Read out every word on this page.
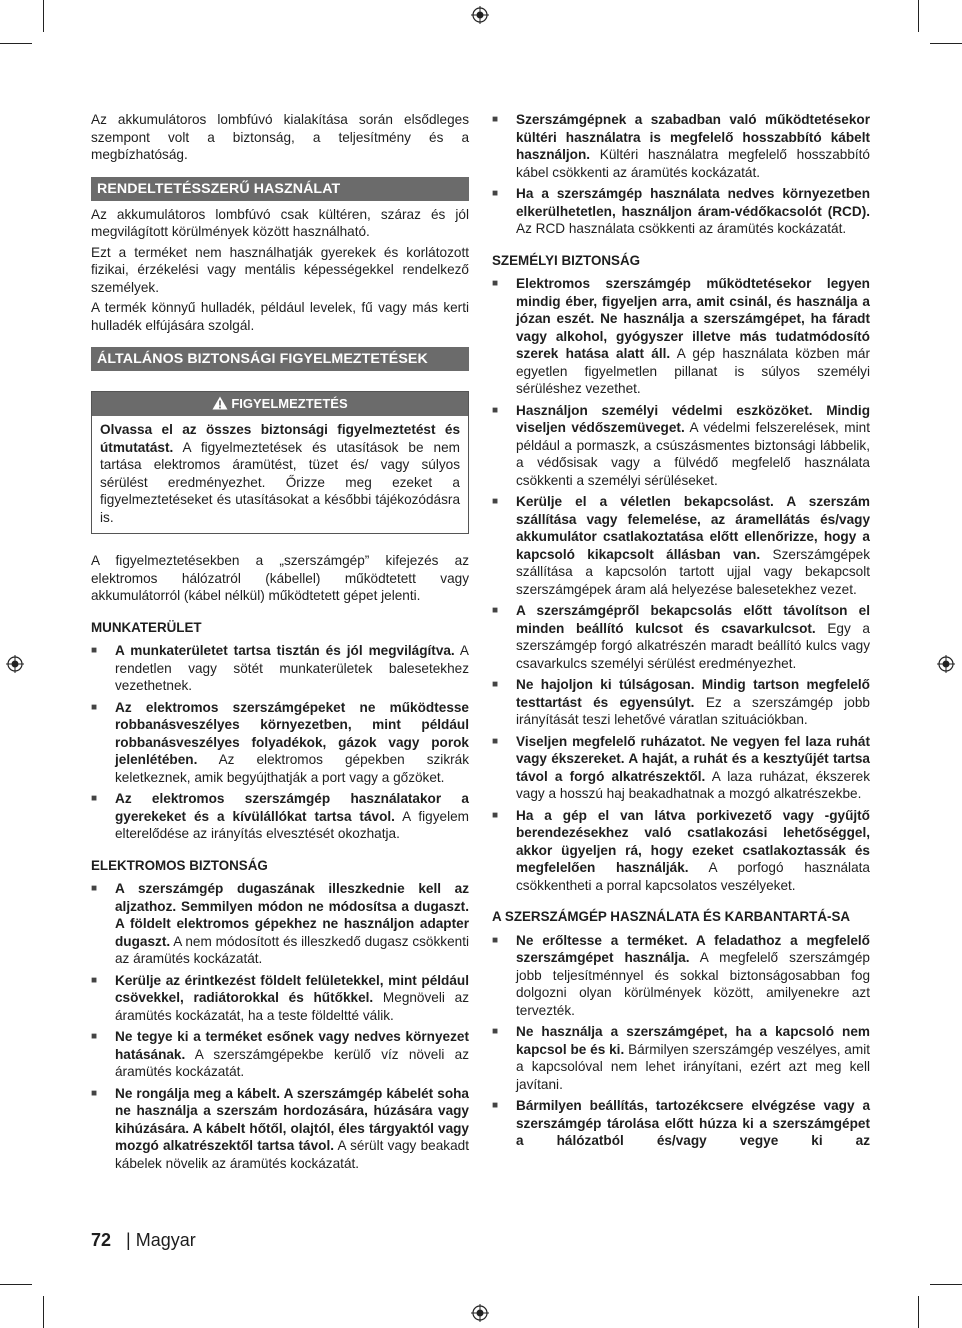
Az akkumulátoros lombfúvó kialakítása során elsődleges szempont volt a biztonság, a teljesítmény és a megbízhatóság.

RENDELTETÉSSZERŰ HASZNÁLAT

Az akkumulátoros lombfúvó csak kültéren, száraz és jól megvilágított körülmények között használható.

Ezt a terméket nem használhatják gyerekek és korlátozott fizikai, érzékelési vagy mentális képességekkel rendelkező személyek.

A termék könnyű hulladék, például levelek, fű vagy más kerti hulladék elfújására szolgál.

ÁLTALÁNOS BIZTONSÁGI FIGYELMEZTETÉSEK
FIGYELMEZTETÉS

Olvassa el az összes biztonsági figyelmeztetést és útmutatást. A figyelmeztetések és utasítások be nem tartása elektromos áramütést, tüzet és/ vagy súlyos sérülést eredményezhet. Őrizze meg ezeket a figyelmeztetéseket és utasításokat a későbbi tájékozódásra is.

A figyelmeztetésekben a „szerszámgép” kifejezés az elektromos hálózatról (kábellel) működtetett vagy akkumulátorról (kábel nélkül) működtetett gépet jelenti.

MUNKATERÜLET
■ A munkaterületet tartsa tisztán és jól megvilágítva. A rendetlen vagy sötét munkaterületek balesetekhez vezethetnek.
■ Az elektromos szerszámgépeket ne működtesse robbanásveszélyes környezetben, mint például robbanásveszélyes folyadékok, gázok vagy porok jelenlétében. Az elektromos gépekben szikrák keletkeznek, amik begyújthatják a port vagy a gőzöket.
■ Az elektromos szerszámgép használatakor a gyerekeket és a kívülállókat tartsa távol. A figyelem elterelődése az irányítás elvesztését okozhatja.
ELEKTROMOS BIZTONSÁG
■ A szerszámgép dugaszának illeszkednie kell az aljzathoz. Semmilyen módon ne módosítsa a dugaszt. A földelt elektromos gépekhez ne használjon adapter dugaszt. A nem módosított és illeszkedő dugasz csökkenti az áramütés kockázatát.
■ Kerülje az érintkezést földelt felületekkel, mint például csövekkel, radiátorokkal és hűtőkkel. Megnöveli az áramütés kockázatát, ha a teste földeltté válik.
■ Ne tegye ki a terméket esőnek vagy nedves környezet hatásának. A szerszámgépekbe kerülő víz növeli az áramütés kockázatát.
■ Ne rongálja meg a kábelt. A szerszámgép kábelét soha ne használja a szerszám hordozására, húzására vagy kihúzására. A kábelt hőtől, olajtól, éles tárgyaktól vagy mozgó alkatrészektől tartsa távol. A sérült vagy beakadt kábelek növelik az áramütés kockázatát.
■ Szerszámgépnek a szabadban való működtetésekor kültéri használatra is megfelelő hosszabbító kábelt használjon. Kültéri használatra megfelelő hosszabbító kábel csökkenti az áramütés kockázatát.
■ Ha a szerszámgép használata nedves környezetben elkerülhetetlen, használjon áram-védőkacsolót (RCD). Az RCD használata csökkenti az áramütés kockázatát.
SZEMÉLYI BIZTONSÁG
■ Elektromos szerszámgép működtetésekor legyen mindig éber, figyeljen arra, amit csinál, és használja a józan eszét. Ne használja a szerszámgépet, ha fáradt vagy alkohol, gyógyszer illetve más tudatmódosító szerek hatása alatt áll. A gép használata közben már egyetlen figyelmetlen pillanat is súlyos személyi sérüléshez vezethet.
■ Használjon személyi védelmi eszközöket. Mindig viseljen védőszemüveget. A védelmi felszerelések, mint például a pormaszk, a csúszásmentes biztonsági lábbelik, a védősisak vagy a fülvédő megfelelő használata csökkenti a személyi sérüléseket.
■ Kerülje el a véletlen bekapcsolást. A szerszám szállítása vagy felemelése, az áramellátás és/vagy akkumulátor csatlakoztatása előtt ellenőrizze, hogy a kapcsoló kikapcsolt állásban van. Szerszámgépek szállítása a kapcsolón tartott ujjal vagy bekapcsolt szerszámgépek áram alá helyezése balesetekhez vezet.
■ A szerszámgépről bekapcsolás előtt távolítson el minden beállító kulcsot és csavarkulcsot. Egy a szerszámgép forgó alkatrészén maradt beállító kulcs vagy csavarkulcs személyi sérülést eredményezhet.
■ Ne hajoljon ki túlságosan. Mindig tartson megfelelő testtartást és egyensúlyt. Ez a szerszámgép jobb irányítását teszi lehetővé váratlan szituációkban.
■ Viseljen megfelelő ruházatot. Ne vegyen fel laza ruhát vagy ékszereket. A haját, a ruhát és a kesztyűjét tartsa távol a forgó alkatrészektől. A laza ruházat, ékszerek vagy a hosszú haj beakadhatnak a mozgó alkatrészekbe.
■ Ha a gép el van látva porkivezető vagy -gyűjtő berendezésekhez való csatlakozási lehetőséggel, akkor ügyeljen rá, hogy ezeket csatlakoztassák és megfelelően használják. A porfogó használata csökkentheti a porral kapcsolatos veszélyeket.
A SZERSZÁMGÉP HASZNÁLATA ÉS KARBANTARTÁ-SA
■ Ne erőltesse a terméket. A feladathoz a megfelelő szerszámgépet használja. A megfelelő szerszámgép jobb teljesítménnyel és sokkal biztonságosabban fog dolgozni olyan körülmények között, amilyenekre azt tervezték.
■ Ne használja a szerszámgépet, ha a kapcsoló nem kapcsol be és ki. Bármilyen szerszámgép veszélyes, amit a kapcsolóval nem lehet irányítani, ezért azt meg kell javítani.
■ Bármilyen beállítás, tartozékcsere elvégzése vagy a szerszámgép tárolása előtt húzza ki a szerszámgépet a hálózatból és/vagy vegye ki az
72 | Magyar
